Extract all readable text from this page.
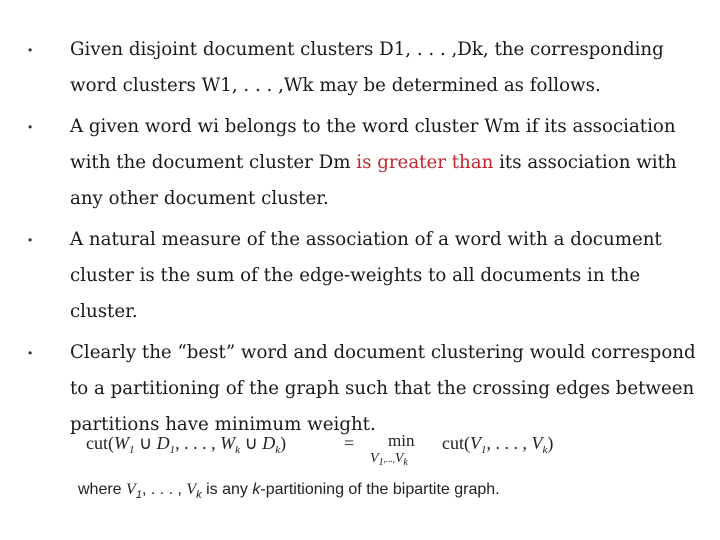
• Given disjoint document clusters D1, . . . ,Dk, the corresponding word clusters W1, . . . ,Wk may be determined as follows.
• A given word wi belongs to the word cluster Wm if its association with the document cluster Dm is greater than its association with any other document cluster.
• A natural measure of the association of a word with a document cluster is the sum of the edge-weights to all documents in the cluster.
• Clearly the “best” word and document clustering would correspond to a partitioning of the graph such that the crossing edges between partitions have minimum weight.
$cut(W_1$ ∪ $D_1$, . . . , $W_k$ ∪ $D_k$)	= min
$V_1,...,V_k$
$cut(V_1$, . . . , $V_k$)
where $V_1$, . . . , $V_k$ is any k-partitioning of the bipartite graph.
